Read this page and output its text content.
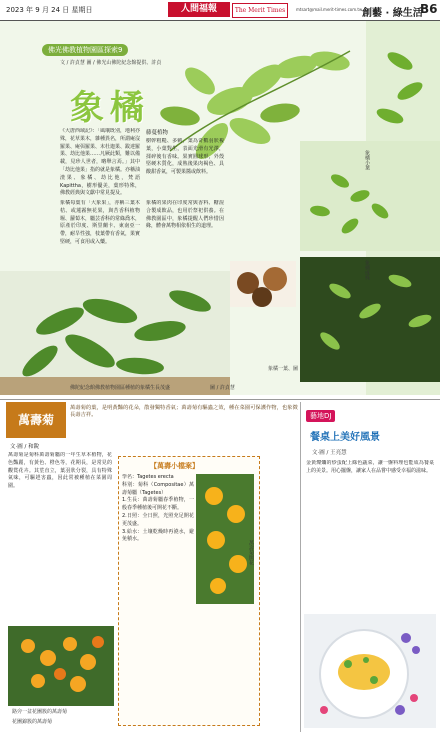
2023 年 9 月 24 日 星期日	人間福報	The Merit Times	mtsart@mail.merit-times.com.tw 創藝 · 綠生活
B6
佛光佛教植物園區探索9
文 / 許貞慧 圖 / 佛光山佛陀紀念館提供、許貞
象橘
《大唐西域記》：「風壤既別，地利亦殊，花草果木，雜種異名，所謂庵沒羅果、庵弭羅果、末杜迦果、跋達羅果、劫比他果……凡厥此類，難以備載，見珍人世者，略舉言焉。」其中「劫比他果」指的就是象橘。亦稱油渣果、象橘、劫比他，梵語Kapittha，樹形優美，葉形特殊，佛教經典與文獻中常見提及。
象橘每葉有「大象果」，亦稱三葉木桔、或蓮霧無花果，與苦香科植物堰、蘿蔔木，屬芸香科的常綠喬木，原產於印度、斯里蘭卡、東南亞一帶，耐旱性強，枝葉帶有香氣，果實堅硬，可食用或入藥。
藤蔓植物
樹幹粗糙、多刺，葉為奇數羽狀複葉，小葉對生，表面光滑有光澤，揉碎後有香味。果實圓球形，外殼堅硬木質化，成熟後果肉褐色、具酸甜香氣，可製果醬或飲料。
象橘的果肉在印度常與香料、糖混合製成飲品，也用於祭祀供養。在佛教園區中，象橘提醒人們珍惜因緣，體會萬物相依相生的道理。
象橘小葉
象橘成株
象橘一葉、圖
佛陀紀念館佛教植物園區種植的象橘生長茂盛	圖 / 許貞慧
萬壽菊
萬壽菊的葉，是明黃豔的花朵，散發獨特香氣；萬壽菊有驅蟲之效，種在菜園可保護作物，也象徵長壽吉祥。
文·圖 / 和銳
萬壽菊是菊科萬壽菊屬的一年生草本植物，花色豔麗，有黃色、橙色等，花期長，是常見的觀賞花卉。其莖直立，葉羽狀分裂，具有特殊氣味，可驅趕害蟲，因此常被種植在菜園周圍。
路旁一盆花團簇的萬壽菊
花團錦簇的萬壽菊
【萬壽小檔案】
學名：Tagetes erecta
科別：菊科（Compositae）萬壽菊屬（Tagetes）
1.生長：萬壽菊屬春季植物，一般春季種植後可開花不斷。
2.日照：全日照，光照充足開花更茂盛。
3.給水：土壤乾燥時再澆水，避免積水。
萬壽菊開花
藝地DJ
餐桌上美好風景
文·圖 / 王亮慧
金黃燦爛的炒蛋配上綠色蔬菜，讓一盤料理也能成為餐桌上的美景。用心擺盤，讓家人在品嘗中感受幸福的滋味。
